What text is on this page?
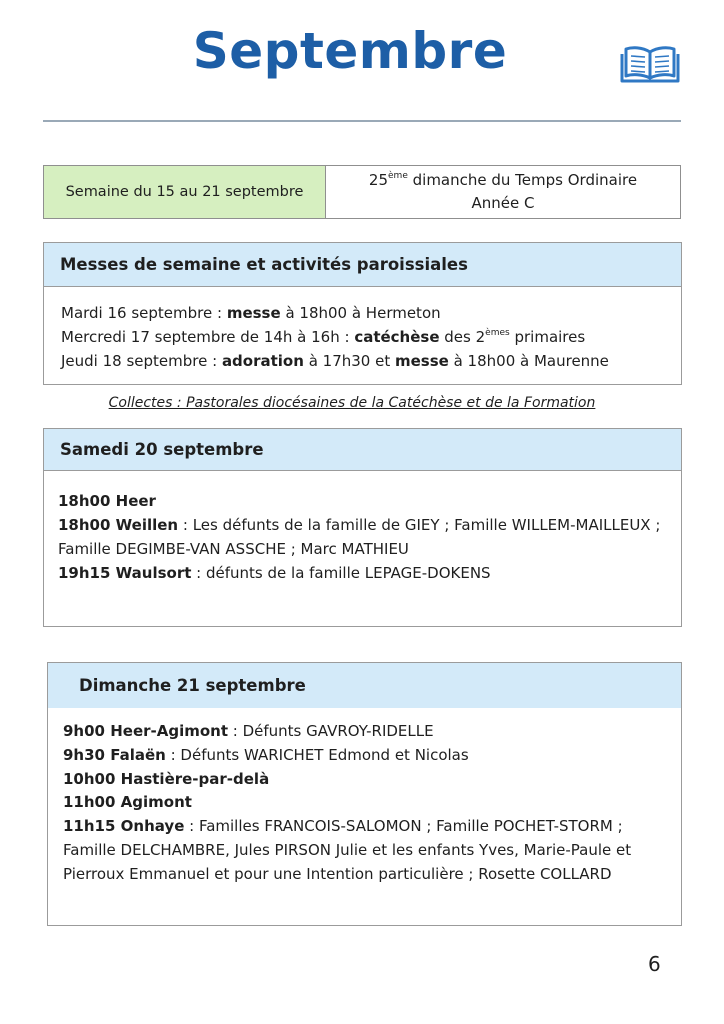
Septembre
Semaine du 15 au 21 septembre
25ème dimanche du Temps Ordinaire
Année C
Messes de semaine et activités paroissiales
Mardi 16 septembre : messe à 18h00 à Hermeton
Mercredi 17 septembre de 14h à 16h : catéchèse des 2èmes primaires
Jeudi 18 septembre : adoration à 17h30 et messe à 18h00 à Maurenne
Collectes : Pastorales diocésaines de la Catéchèse et de la Formation
Samedi 20 septembre
18h00 Heer
18h00 Weillen : Les défunts de la famille de GIEY ; Famille WILLEM-MAILLEUX ; Famille DEGIMBE-VAN ASSCHE ; Marc MATHIEU
19h15 Waulsort : défunts de la famille LEPAGE-DOKENS
Dimanche 21 septembre
9h00 Heer-Agimont : Défunts GAVROY-RIDELLE
9h30 Falaën : Défunts WARICHET Edmond et Nicolas
10h00 Hastière-par-delà
11h00 Agimont
11h15 Onhaye : Familles FRANCOIS-SALOMON ; Famille POCHET-STORM ; Famille DELCHAMBRE, Jules PIRSON Julie et les enfants Yves, Marie-Paule et Pierroux Emmanuel et pour une Intention particulière ; Rosette COLLARD
6
